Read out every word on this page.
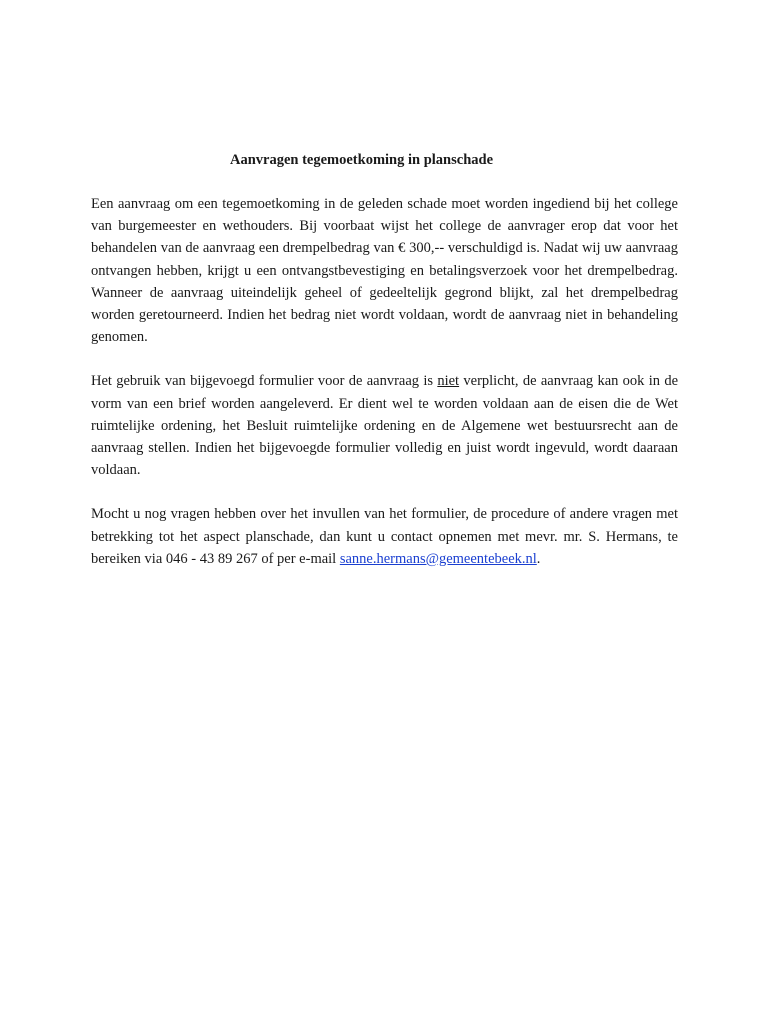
Aanvragen tegemoetkoming in planschade

Een aanvraag om een tegemoetkoming in de geleden schade moet worden ingediend bij het college van burgemeester en wethouders. Bij voorbaat wijst het college de aanvrager erop dat voor het behandelen van de aanvraag een drempelbedrag van € 300,-- verschuldigd is. Nadat wij uw aanvraag ontvangen hebben, krijgt u een ontvangstbevestiging en betalingsverzoek voor het drempelbedrag. Wanneer de aanvraag uiteindelijk geheel of gedeeltelijk gegrond blijkt, zal het drempelbedrag worden geretourneerd. Indien het bedrag niet wordt voldaan, wordt de aanvraag niet in behandeling genomen.

Het gebruik van bijgevoegd formulier voor de aanvraag is niet verplicht, de aanvraag kan ook in de vorm van een brief worden aangeleverd. Er dient wel te worden voldaan aan de eisen die de Wet ruimtelijke ordening, het Besluit ruimtelijke ordening en de Algemene wet bestuursrecht aan de aanvraag stellen. Indien het bijgevoegde formulier volledig en juist wordt ingevuld, wordt daaraan voldaan.

Mocht u nog vragen hebben over het invullen van het formulier, de procedure of andere vragen met betrekking tot het aspect planschade, dan kunt u contact opnemen met mevr. mr. S. Hermans, te bereiken via 046 - 43 89 267 of per e-mail sanne.hermans@gemeentebeek.nl.
